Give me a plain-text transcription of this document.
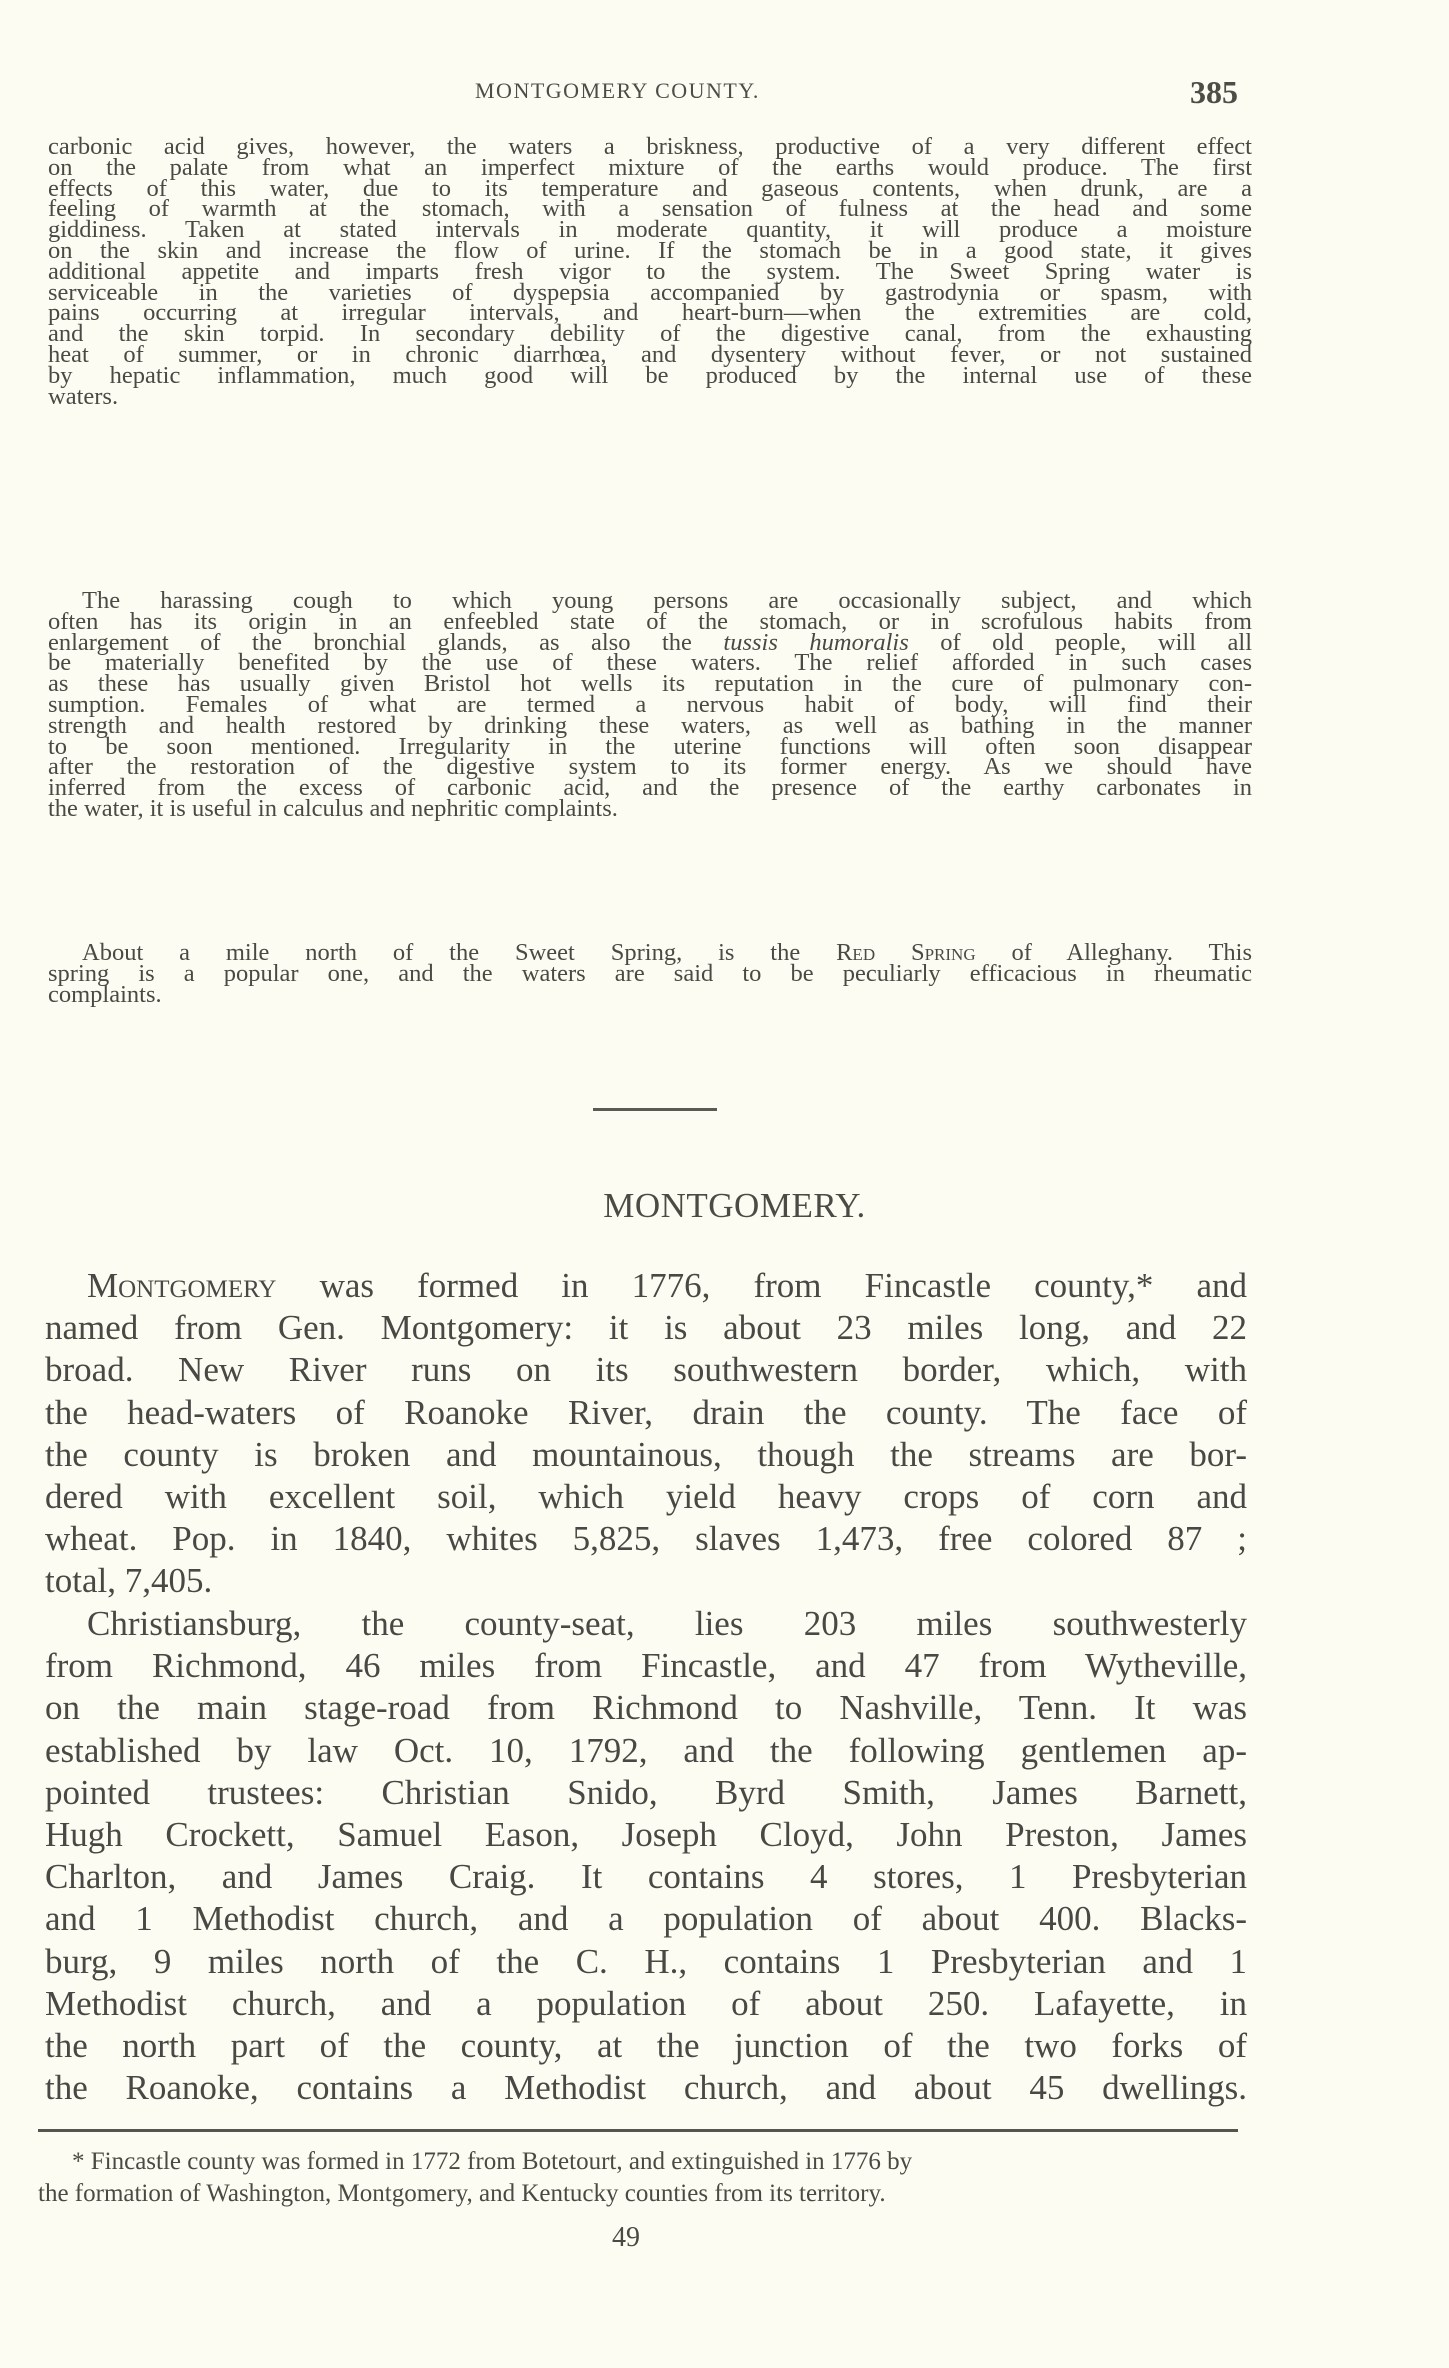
MONTGOMERY COUNTY.	385
carbonic acid gives, however, the waters a briskness, productive of a very different effect
on the palate from what an imperfect mixture of the earths would produce. The first
effects of this water, due to its temperature and gaseous contents, when drunk, are a
feeling of warmth at the stomach, with a sensation of fulness at the head and some
giddiness. Taken at stated intervals in moderate quantity, it will produce a moisture
on the skin and increase the flow of urine. If the stomach be in a good state, it gives
additional appetite and imparts fresh vigor to the system. The Sweet Spring water is
serviceable in the varieties of dyspepsia accompanied by gastrodynia or spasm, with
pains occurring at irregular intervals, and heart-burn—when the extremities are cold,
and the skin torpid. In secondary debility of the digestive canal, from the exhausting
heat of summer, or in chronic diarrhœa, and dysentery without fever, or not sustained
by hepatic inflammation, much good will be produced by the internal use of these
waters.
The harassing cough to which young persons are occasionally subject, and which
often has its origin in an enfeebled state of the stomach, or in scrofulous habits from
enlargement of the bronchial glands, as also the tussis humoralis of old people, will all
be materially benefited by the use of these waters. The relief afforded in such cases
as these has usually given Bristol hot wells its reputation in the cure of pulmonary con-
sumption. Females of what are termed a nervous habit of body, will find their
strength and health restored by drinking these waters, as well as bathing in the manner
to be soon mentioned. Irregularity in the uterine functions will often soon disappear
after the restoration of the digestive system to its former energy. As we should have
inferred from the excess of carbonic acid, and the presence of the earthy carbonates in
the water, it is useful in calculus and nephritic complaints.
About a mile north of the Sweet Spring, is the Red Spring of Alleghany. This
spring is a popular one, and the waters are said to be peculiarly efficacious in rheumatic
complaints.
MONTGOMERY.
Montgomery was formed in 1776, from Fincastle county,* and
named from Gen. Montgomery: it is about 23 miles long, and 22
broad. New River runs on its southwestern border, which, with
the head-waters of Roanoke River, drain the county. The face of
the county is broken and mountainous, though the streams are bor-
dered with excellent soil, which yield heavy crops of corn and
wheat. Pop. in 1840, whites 5,825, slaves 1,473, free colored 87 ;
total, 7,405.
Christiansburg, the county-seat, lies 203 miles southwesterly
from Richmond, 46 miles from Fincastle, and 47 from Wytheville,
on the main stage-road from Richmond to Nashville, Tenn. It was
established by law Oct. 10, 1792, and the following gentlemen ap-
pointed trustees: Christian Snido, Byrd Smith, James Barnett,
Hugh Crockett, Samuel Eason, Joseph Cloyd, John Preston, James
Charlton, and James Craig. It contains 4 stores, 1 Presbyterian
and 1 Methodist church, and a population of about 400. Blacks-
burg, 9 miles north of the C. H., contains 1 Presbyterian and 1
Methodist church, and a population of about 250. Lafayette, in
the north part of the county, at the junction of the two forks of
the Roanoke, contains a Methodist church, and about 45 dwellings.
* Fincastle county was formed in 1772 from Botetourt, and extinguished in 1776 by
the formation of Washington, Montgomery, and Kentucky counties from its territory.
49
